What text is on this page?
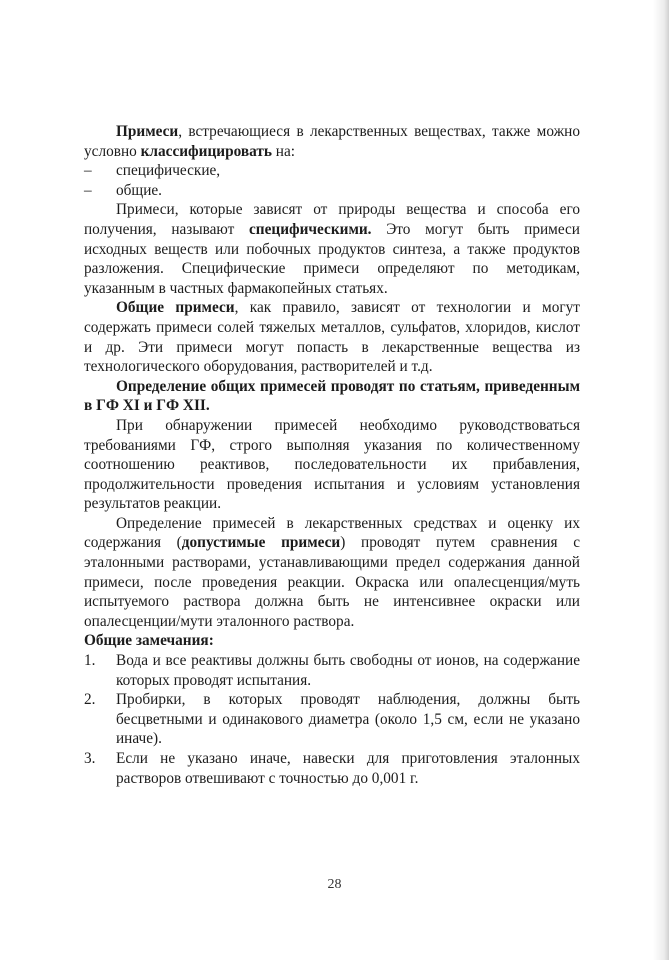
Примеси, встречающиеся в лекарственных веществах, также можно условно классифицировать на:

– специфические,

– общие.

Примеси, которые зависят от природы вещества и способа его получения, называют специфическими. Это могут быть примеси исходных веществ или побочных продуктов синтеза, а также продуктов разложения. Специфические примеси определяют по методикам, указанным в частных фармакопейных статьях.

Общие примеси, как правило, зависят от технологии и могут содержать примеси солей тяжелых металлов, сульфатов, хлоридов, кислот и др. Эти примеси могут попасть в лекарственные вещества из технологического оборудования, растворителей и т.д.

Определение общих примесей проводят по статьям, приведенным в ГФ XI и ГФ XII.

При обнаружении примесей необходимо руководствоваться требованиями ГФ, строго выполняя указания по количественному соотношению реактивов, последовательности их прибавления, продолжительности проведения испытания и условиям установления результатов реакции.

Определение примесей в лекарственных средствах и оценку их содержания (допустимые примеси) проводят путем сравнения с эталонными растворами, устанавливающими предел содержания данной примеси, после проведения реакции. Окраска или опалесценция/муть испытуемого раствора должна быть не интенсивнее окраски или опалесценции/мути эталонного раствора.

Общие замечания:

1. Вода и все реактивы должны быть свободны от ионов, на содержание которых проводят испытания.

2. Пробирки, в которых проводят наблюдения, должны быть бесцветными и одинакового диаметра (около 1,5 см, если не указано иначе).

3. Если не указано иначе, навески для приготовления эталонных растворов отвешивают с точностью до 0,001 г.

28
